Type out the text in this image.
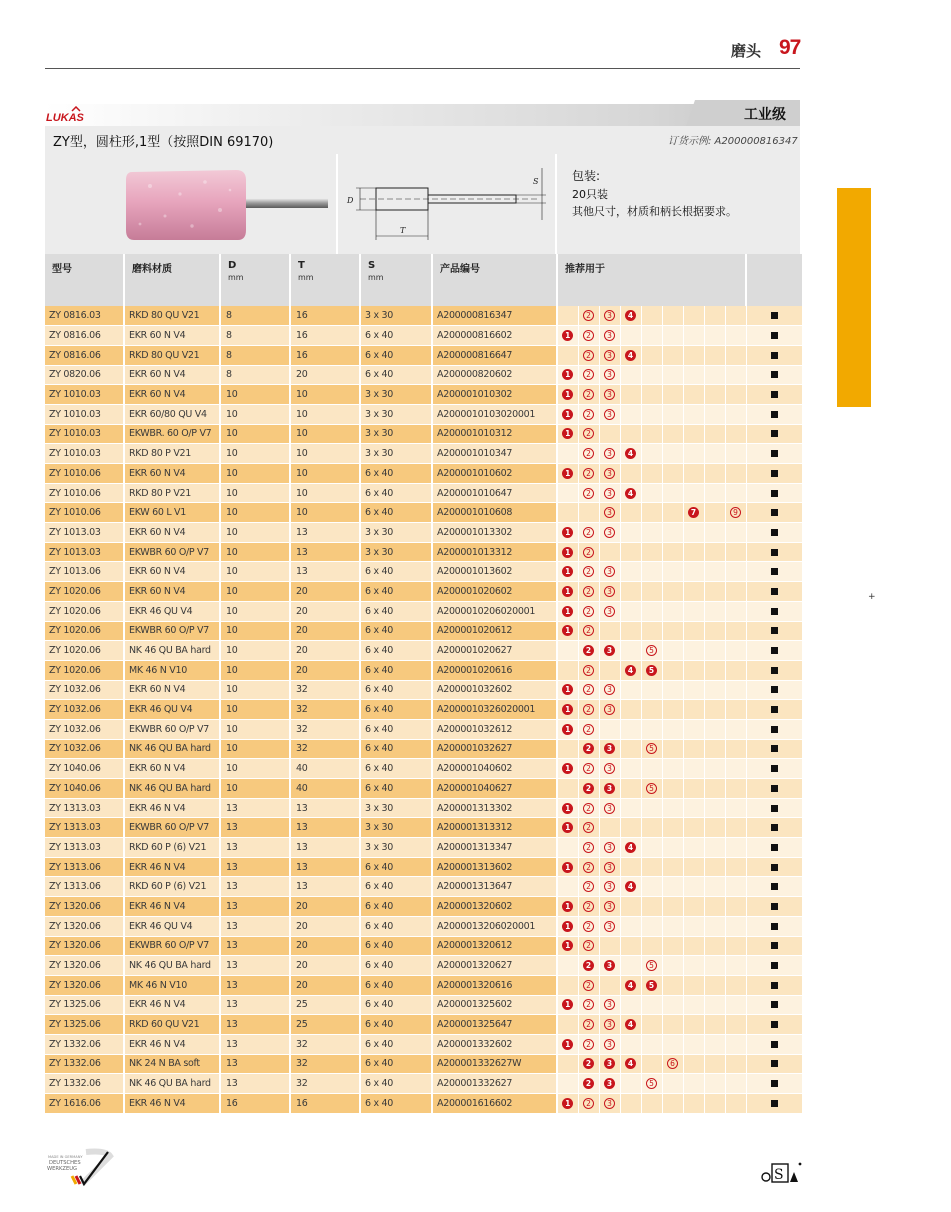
磨头 97
+
LUKAS	工业级
ZY型，圆柱形,1型（按照DIN 69170)	订货示例: A200000816347
D
T
S	包装:
20只装
其他尺寸，材质和柄长根据要求。
型号	磨料材质	D
mm	T
mm	S
mm	产品编号	推荐用于									
ZY 0816.03	RKD 80 QU V21	8	16	3 x 30	A200000816347		2	3	4						
ZY 0816.06	EKR 60 N V4	8	16	6 x 40	A200000816602	1	2	3							
ZY 0816.06	RKD 80 QU V21	8	16	6 x 40	A200000816647		2	3	4						
ZY 0820.06	EKR 60 N V4	8	20	6 x 40	A200000820602	1	2	3							
ZY 1010.03	EKR 60 N V4	10	10	3 x 30	A200001010302	1	2	3							
ZY 1010.03	EKR 60/80 QU V4	10	10	3 x 30	A2000010103020001	1	2	3							
ZY 1010.03	EKWBR. 60 O/P V7	10	10	3 x 30	A200001010312	1	2								
ZY 1010.03	RKD 80 P V21	10	10	3 x 30	A200001010347		2	3	4						
ZY 1010.06	EKR 60 N V4	10	10	6 x 40	A200001010602	1	2	3							
ZY 1010.06	RKD 80 P V21	10	10	6 x 40	A200001010647		2	3	4						
ZY 1010.06	EKW 60 L V1	10	10	6 x 40	A200001010608			3				7		9	
ZY 1013.03	EKR 60 N V4	10	13	3 x 30	A200001013302	1	2	3							
ZY 1013.03	EKWBR 60 O/P V7	10	13	3 x 30	A200001013312	1	2								
ZY 1013.06	EKR 60 N V4	10	13	6 x 40	A200001013602	1	2	3							
ZY 1020.06	EKR 60 N V4	10	20	6 x 40	A200001020602	1	2	3							
ZY 1020.06	EKR 46 QU V4	10	20	6 x 40	A2000010206020001	1	2	3							
ZY 1020.06	EKWBR 60 O/P V7	10	20	6 x 40	A200001020612	1	2								
ZY 1020.06	NK 46 QU BA hard	10	20	6 x 40	A200001020627		2	3		5					
ZY 1020.06	MK 46 N V10	10	20	6 x 40	A200001020616		2		4	5					
ZY 1032.06	EKR 60 N V4	10	32	6 x 40	A200001032602	1	2	3							
ZY 1032.06	EKR 46 QU V4	10	32	6 x 40	A2000010326020001	1	2	3							
ZY 1032.06	EKWBR 60 O/P V7	10	32	6 x 40	A200001032612	1	2								
ZY 1032.06	NK 46 QU BA hard	10	32	6 x 40	A200001032627		2	3		5					
ZY 1040.06	EKR 60 N V4	10	40	6 x 40	A200001040602	1	2	3							
ZY 1040.06	NK 46 QU BA hard	10	40	6 x 40	A200001040627		2	3		5					
ZY 1313.03	EKR 46 N V4	13	13	3 x 30	A200001313302	1	2	3							
ZY 1313.03	EKWBR 60 O/P V7	13	13	3 x 30	A200001313312	1	2								
ZY 1313.03	RKD 60 P (6) V21	13	13	3 x 30	A200001313347		2	3	4						
ZY 1313.06	EKR 46 N V4	13	13	6 x 40	A200001313602	1	2	3							
ZY 1313.06	RKD 60 P (6) V21	13	13	6 x 40	A200001313647		2	3	4						
ZY 1320.06	EKR 46 N V4	13	20	6 x 40	A200001320602	1	2	3							
ZY 1320.06	EKR 46 QU V4	13	20	6 x 40	A2000013206020001	1	2	3							
ZY 1320.06	EKWBR 60 O/P V7	13	20	6 x 40	A200001320612	1	2								
ZY 1320.06	NK 46 QU BA hard	13	20	6 x 40	A200001320627		2	3		5					
ZY 1320.06	MK 46 N V10	13	20	6 x 40	A200001320616		2		4	5					
ZY 1325.06	EKR 46 N V4	13	25	6 x 40	A200001325602	1	2	3							
ZY 1325.06	RKD 60 QU V21	13	25	6 x 40	A200001325647		2	3	4						
ZY 1332.06	EKR 46 N V4	13	32	6 x 40	A200001332602	1	2	3							
ZY 1332.06	NK 24 N BA soft	13	32	6 x 40	A200001332627W		2	3	4		6				
ZY 1332.06	NK 46 QU BA hard	13	32	6 x 40	A200001332627		2	3		5					
ZY 1616.06	EKR 46 N V4	16	16	6 x 40	A200001616602	1	2	3							
MADE IN GERMANY
DEUTSCHES
WERKZEUG	S
